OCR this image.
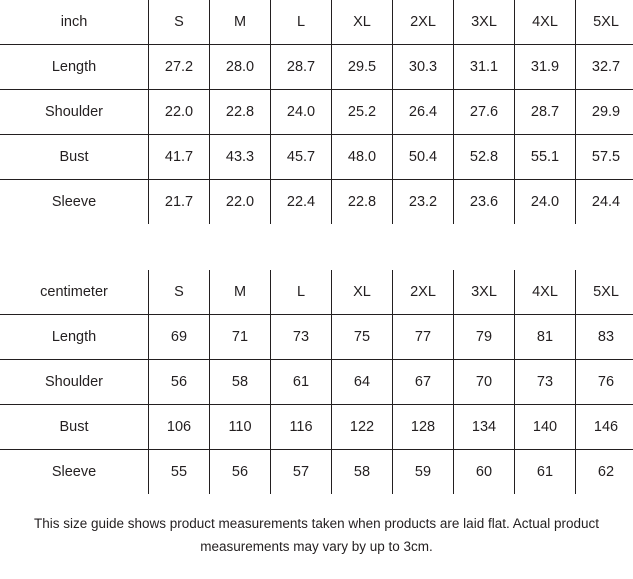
inch	S	M	L	XL	2XL	3XL	4XL	5XL
Length	27.2	28.0	28.7	29.5	30.3	31.1	31.9	32.7
Shoulder	22.0	22.8	24.0	25.2	26.4	27.6	28.7	29.9
Bust	41.7	43.3	45.7	48.0	50.4	52.8	55.1	57.5
Sleeve	21.7	22.0	22.4	22.8	23.2	23.6	24.0	24.4
centimeter	S	M	L	XL	2XL	3XL	4XL	5XL
Length	69	71	73	75	77	79	81	83
Shoulder	56	58	61	64	67	70	73	76
Bust	106	110	116	122	128	134	140	146
Sleeve	55	56	57	58	59	60	61	62
This size guide shows product measurements taken when products are laid flat. Actual product measurements may vary by up to 3cm.
